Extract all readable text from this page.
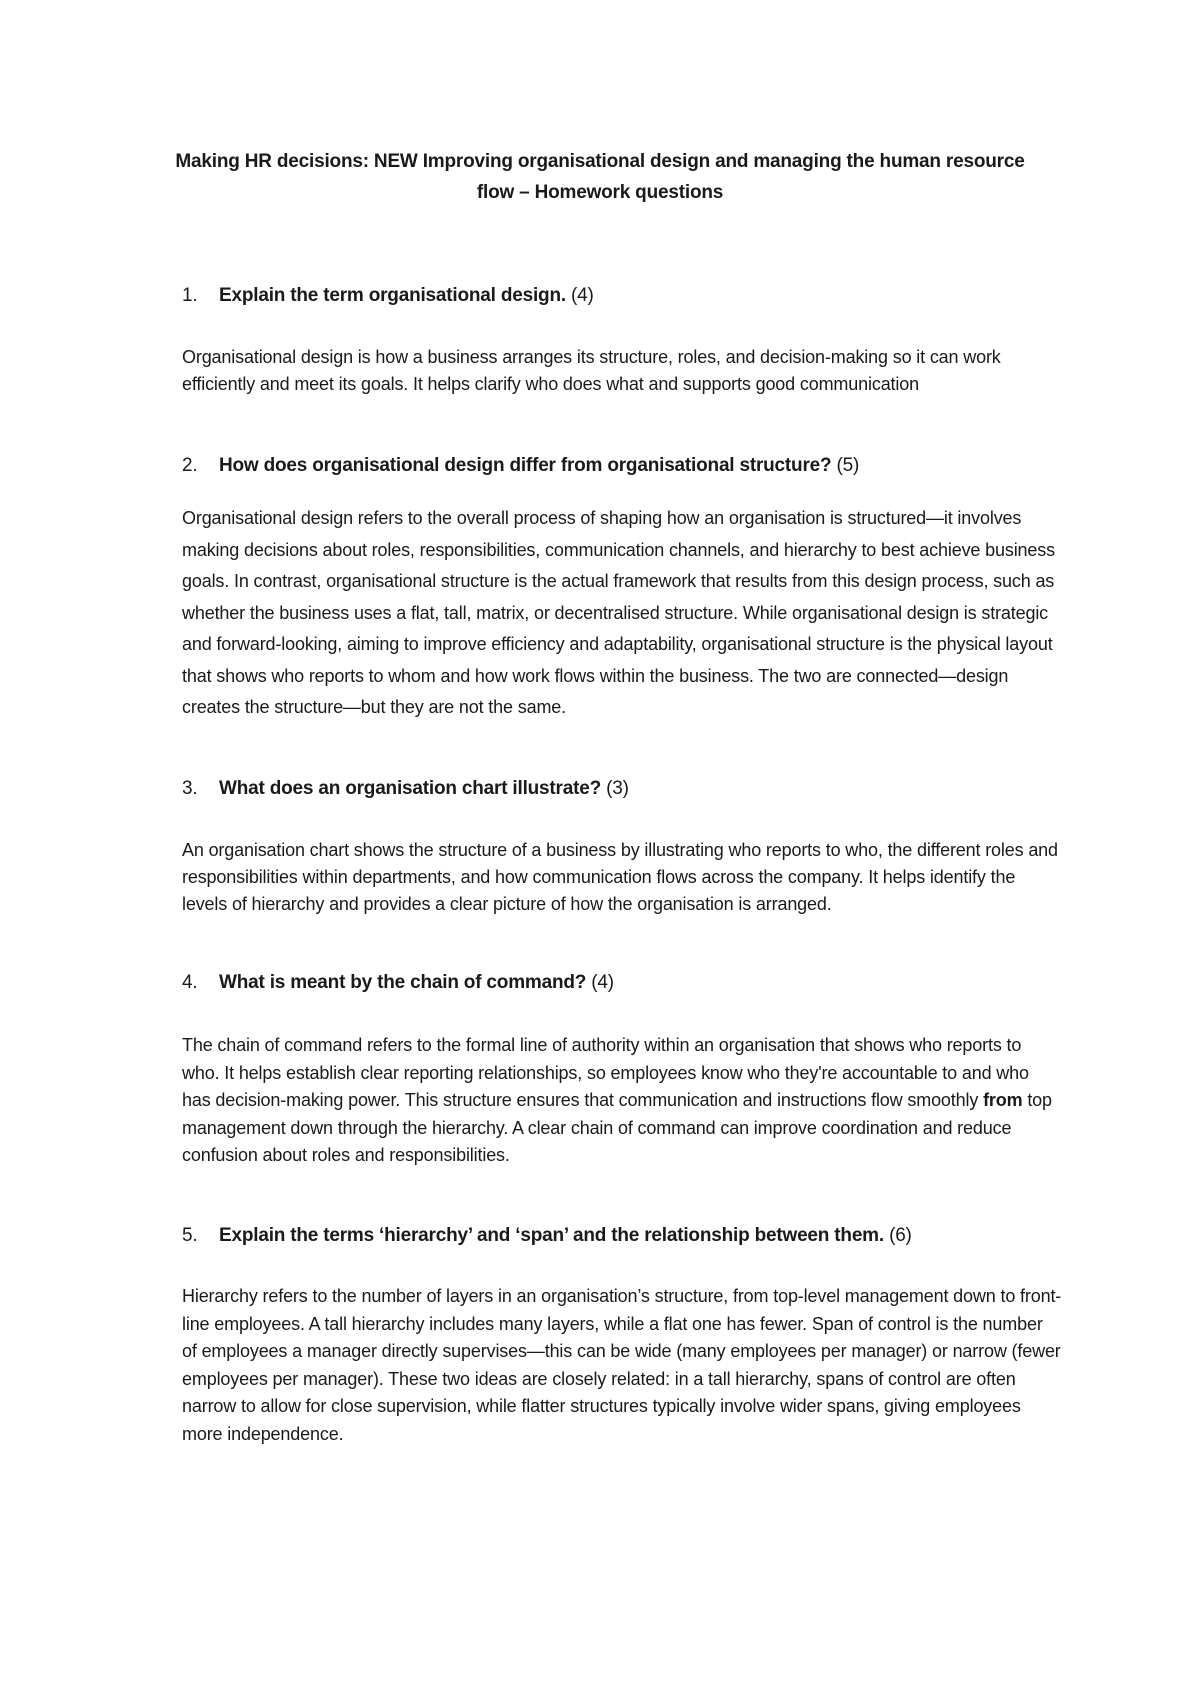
Making HR decisions: NEW Improving organisational design and managing the human resource
flow – Homework questions
1.	Explain the term organisational design. (4)

Organisational design is how a business arranges its structure, roles, and decision-making so it can work efficiently and meet its goals. It helps clarify who does what and supports good communication

2.	How does organisational design differ from organisational structure? (5)

Organisational design refers to the overall process of shaping how an organisation is structured—it involves making decisions about roles, responsibilities, communication channels, and hierarchy to best achieve business goals. In contrast, organisational structure is the actual framework that results from this design process, such as whether the business uses a flat, tall, matrix, or decentralised structure. While organisational design is strategic and forward-looking, aiming to improve efficiency and adaptability, organisational structure is the physical layout that shows who reports to whom and how work flows within the business. The two are connected—design creates the structure—but they are not the same.

3.	What does an organisation chart illustrate? (3)

An organisation chart shows the structure of a business by illustrating who reports to who, the different roles and responsibilities within departments, and how communication flows across the company. It helps identify the levels of hierarchy and provides a clear picture of how the organisation is arranged.

4.	What is meant by the chain of command? (4)

The chain of command refers to the formal line of authority within an organisation that shows who reports to who. It helps establish clear reporting relationships, so employees know who they're accountable to and who has decision-making power. This structure ensures that communication and instructions flow smoothly from top management down through the hierarchy. A clear chain of command can improve coordination and reduce confusion about roles and responsibilities.

5.	Explain the terms ‘hierarchy’ and ‘span’ and the relationship between them. (6)

Hierarchy refers to the number of layers in an organisation’s structure, from top-level management down to front-line employees. A tall hierarchy includes many layers, while a flat one has fewer. Span of control is the number of employees a manager directly supervises—this can be wide (many employees per manager) or narrow (fewer employees per manager). These two ideas are closely related: in a tall hierarchy, spans of control are often narrow to allow for close supervision, while flatter structures typically involve wider spans, giving employees more independence.
